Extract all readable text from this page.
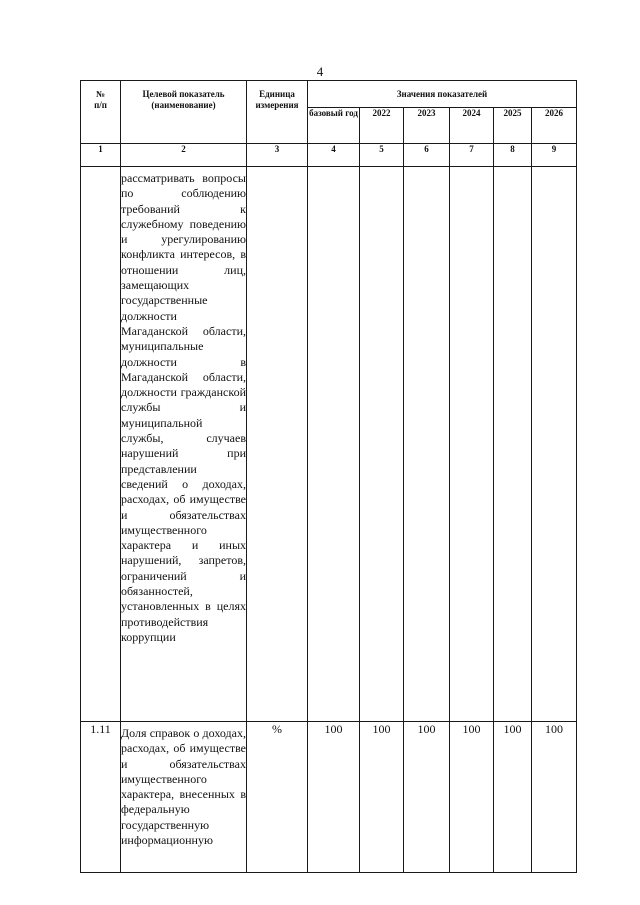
4
№
п/п	Целевой показатель (наименование)	Единица измерения	Значения показателей					
			базовый год	2022	2023	2024	2025	2026
1	2	3	4	5	6	7	8	9
	рассматривать вопросы по соблюдению требований к служебному поведению и урегулированию конфликта интересов, в отношении лиц, замещающих государственные должности Магаданской области, муниципальные должности в Магаданской области, должности гражданской службы и муниципальной службы, случаев нарушений при представлении сведений о доходах, расходах, об имуществе и обязательствах имущественного характера и иных нарушений, запретов, ограничений и обязанностей, установленных в целях противодействия коррупции							
1.11	Доля справок о доходах, расходах, об имуществе и обязательствах имущественного характера, внесенных в федеральную государственную информационную	%	100	100	100	100	100	100
